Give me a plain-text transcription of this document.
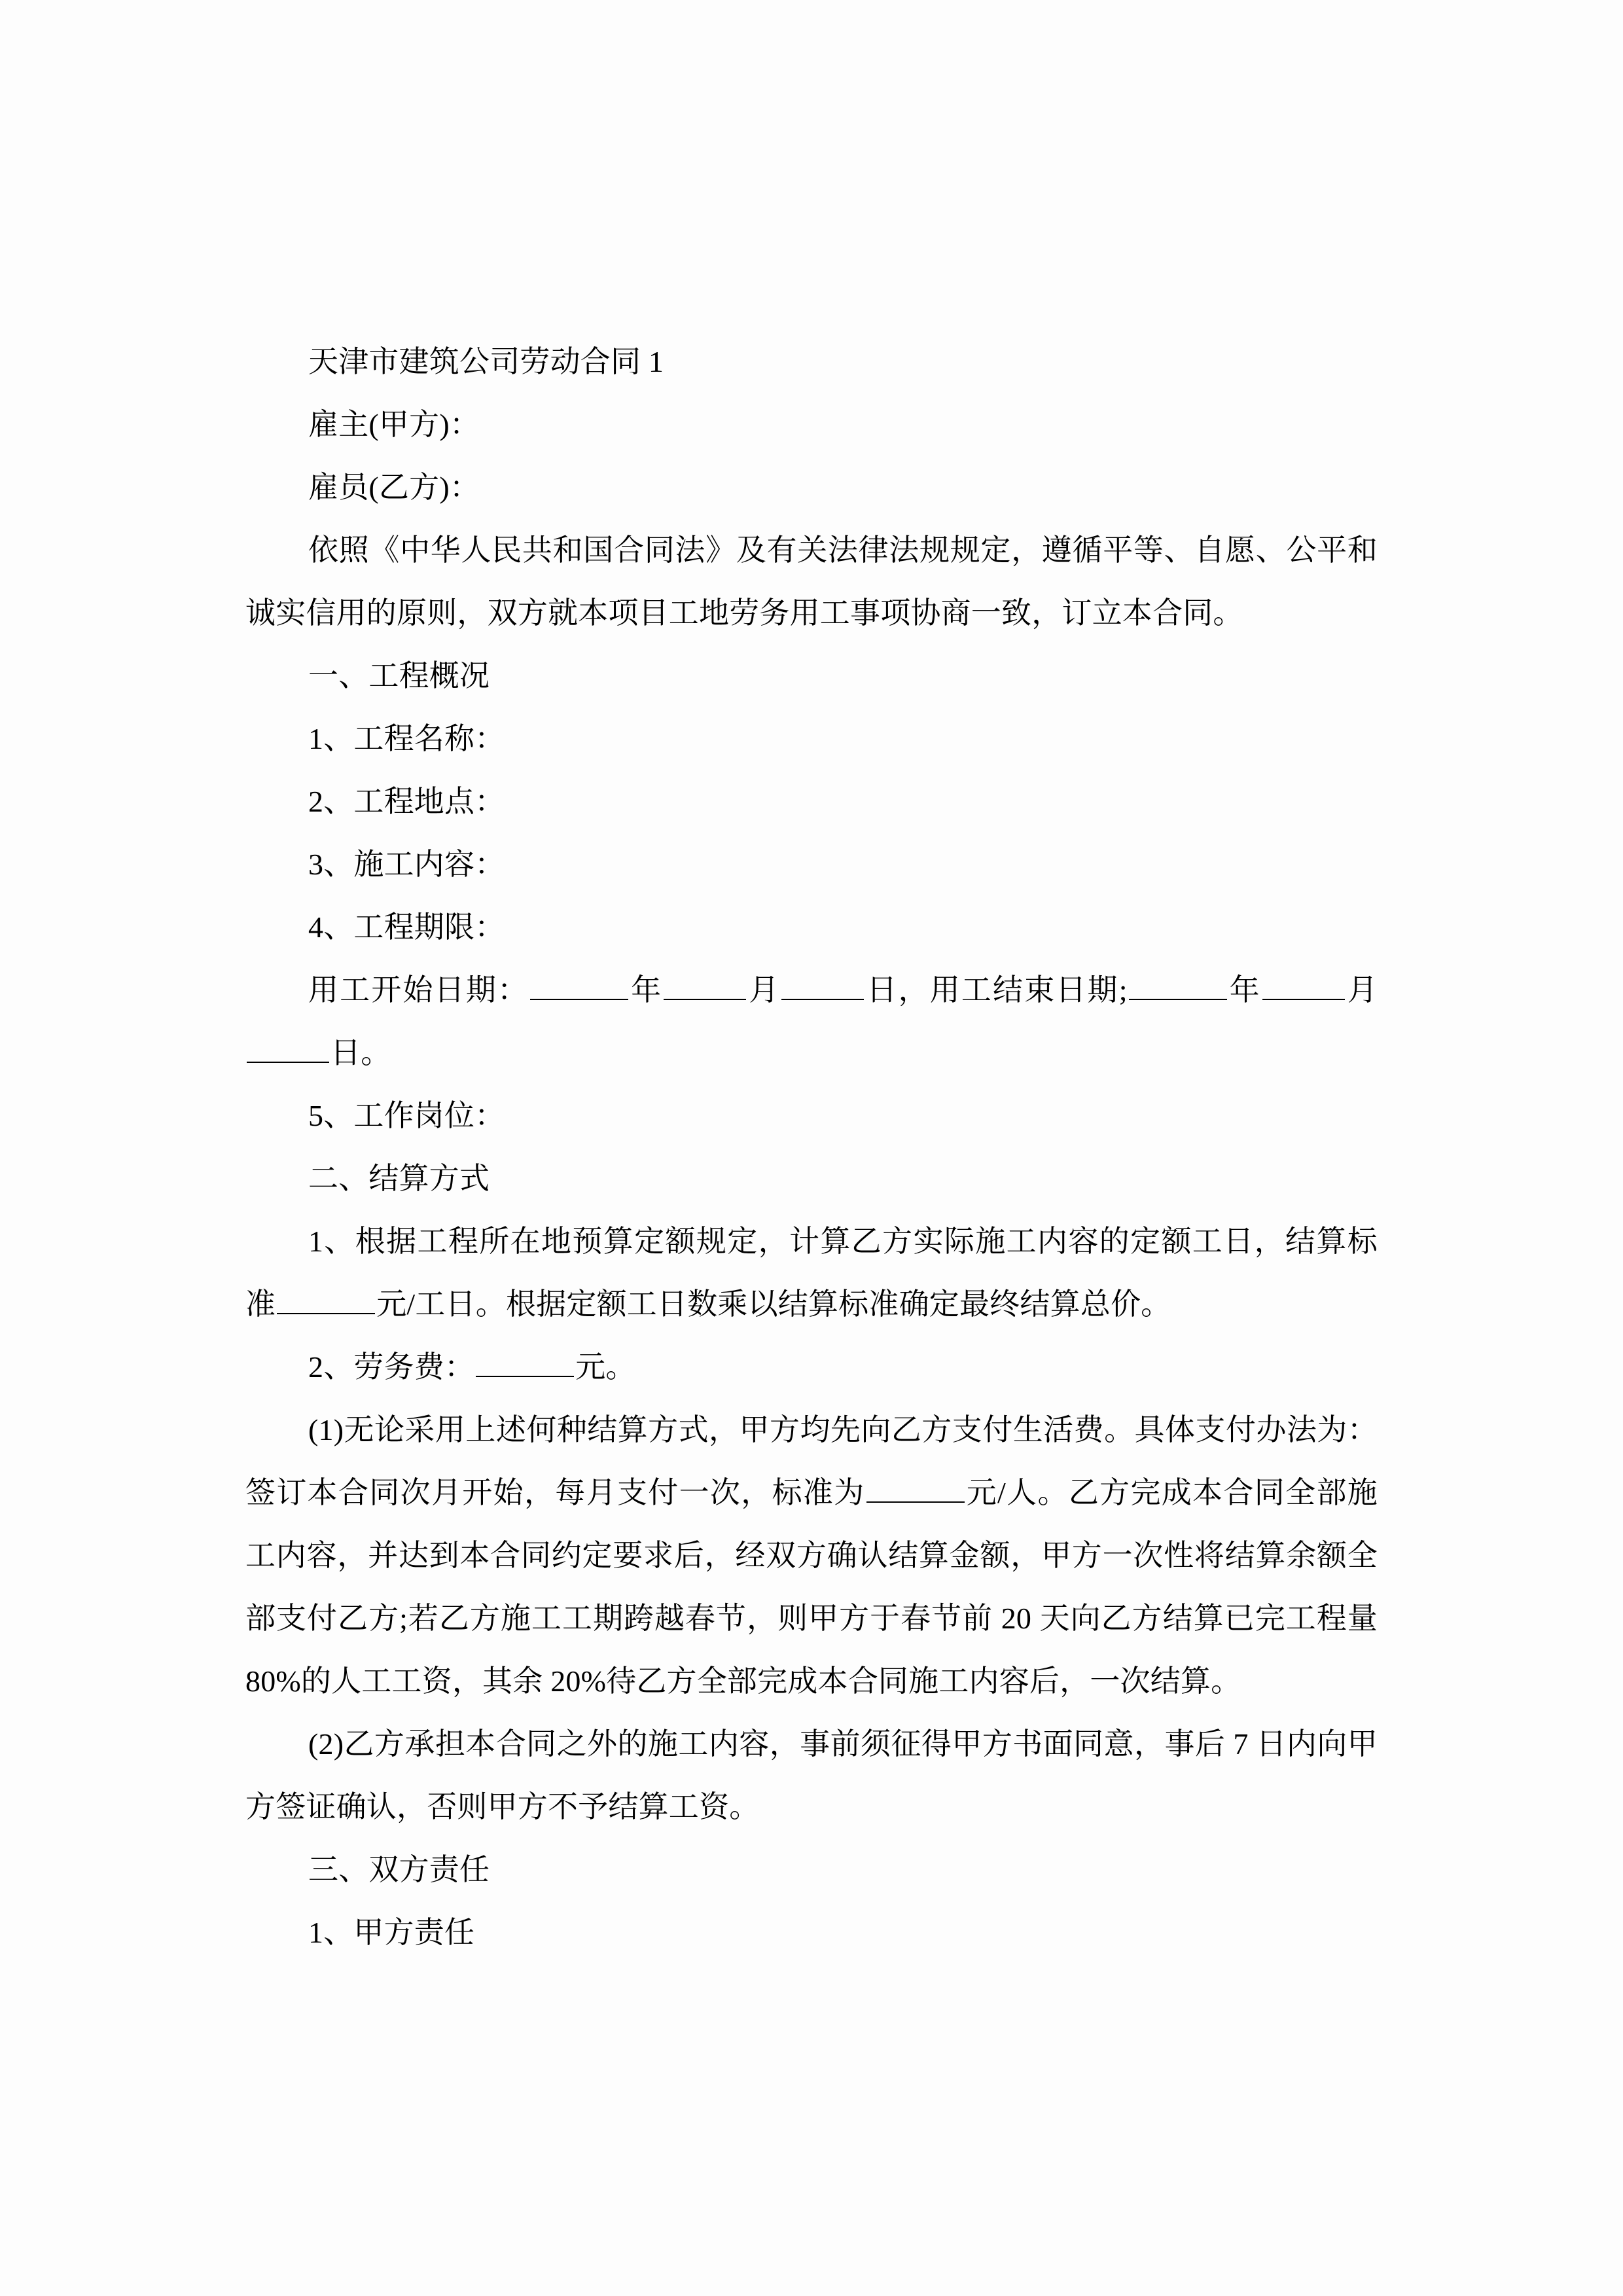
天津市建筑公司劳动合同 1

雇主(甲方)：

雇员(乙方)：

依照《中华人民共和国合同法》及有关法律法规规定，遵循平等、自愿、公平和诚实信用的原则，双方就本项目工地劳务用工事项协商一致，订立本合同。

一、工程概况

1、工程名称：

2、工程地点：

3、施工内容：

4、工程期限：

用工开始日期：	年	月	日，用工结束日期;	年	月日。

5、工作岗位：

二、结算方式

1、根据工程所在地预算定额规定，计算乙方实际施工内容的定额工日，结算标准	元/工日。根据定额工日数乘以结算标准确定最终结算总价。

2、劳务费：	元。

(1)无论采用上述何种结算方式，甲方均先向乙方支付生活费。具体支付办法为：签订本合同次月开始，每月支付一次，标准为	元/人。乙方完成本合同全部施工内容，并达到本合同约定要求后，经双方确认结算金额，甲方一次性将结算余额全部支付乙方;若乙方施工工期跨越春节，则甲方于春节前 20 天向乙方结算已完工程量 80%的人工工资，其余 20%待乙方全部完成本合同施工内容后，一次结算。

(2)乙方承担本合同之外的施工内容，事前须征得甲方书面同意，事后 7 日内向甲方签证确认，否则甲方不予结算工资。

三、双方责任

1、甲方责任
